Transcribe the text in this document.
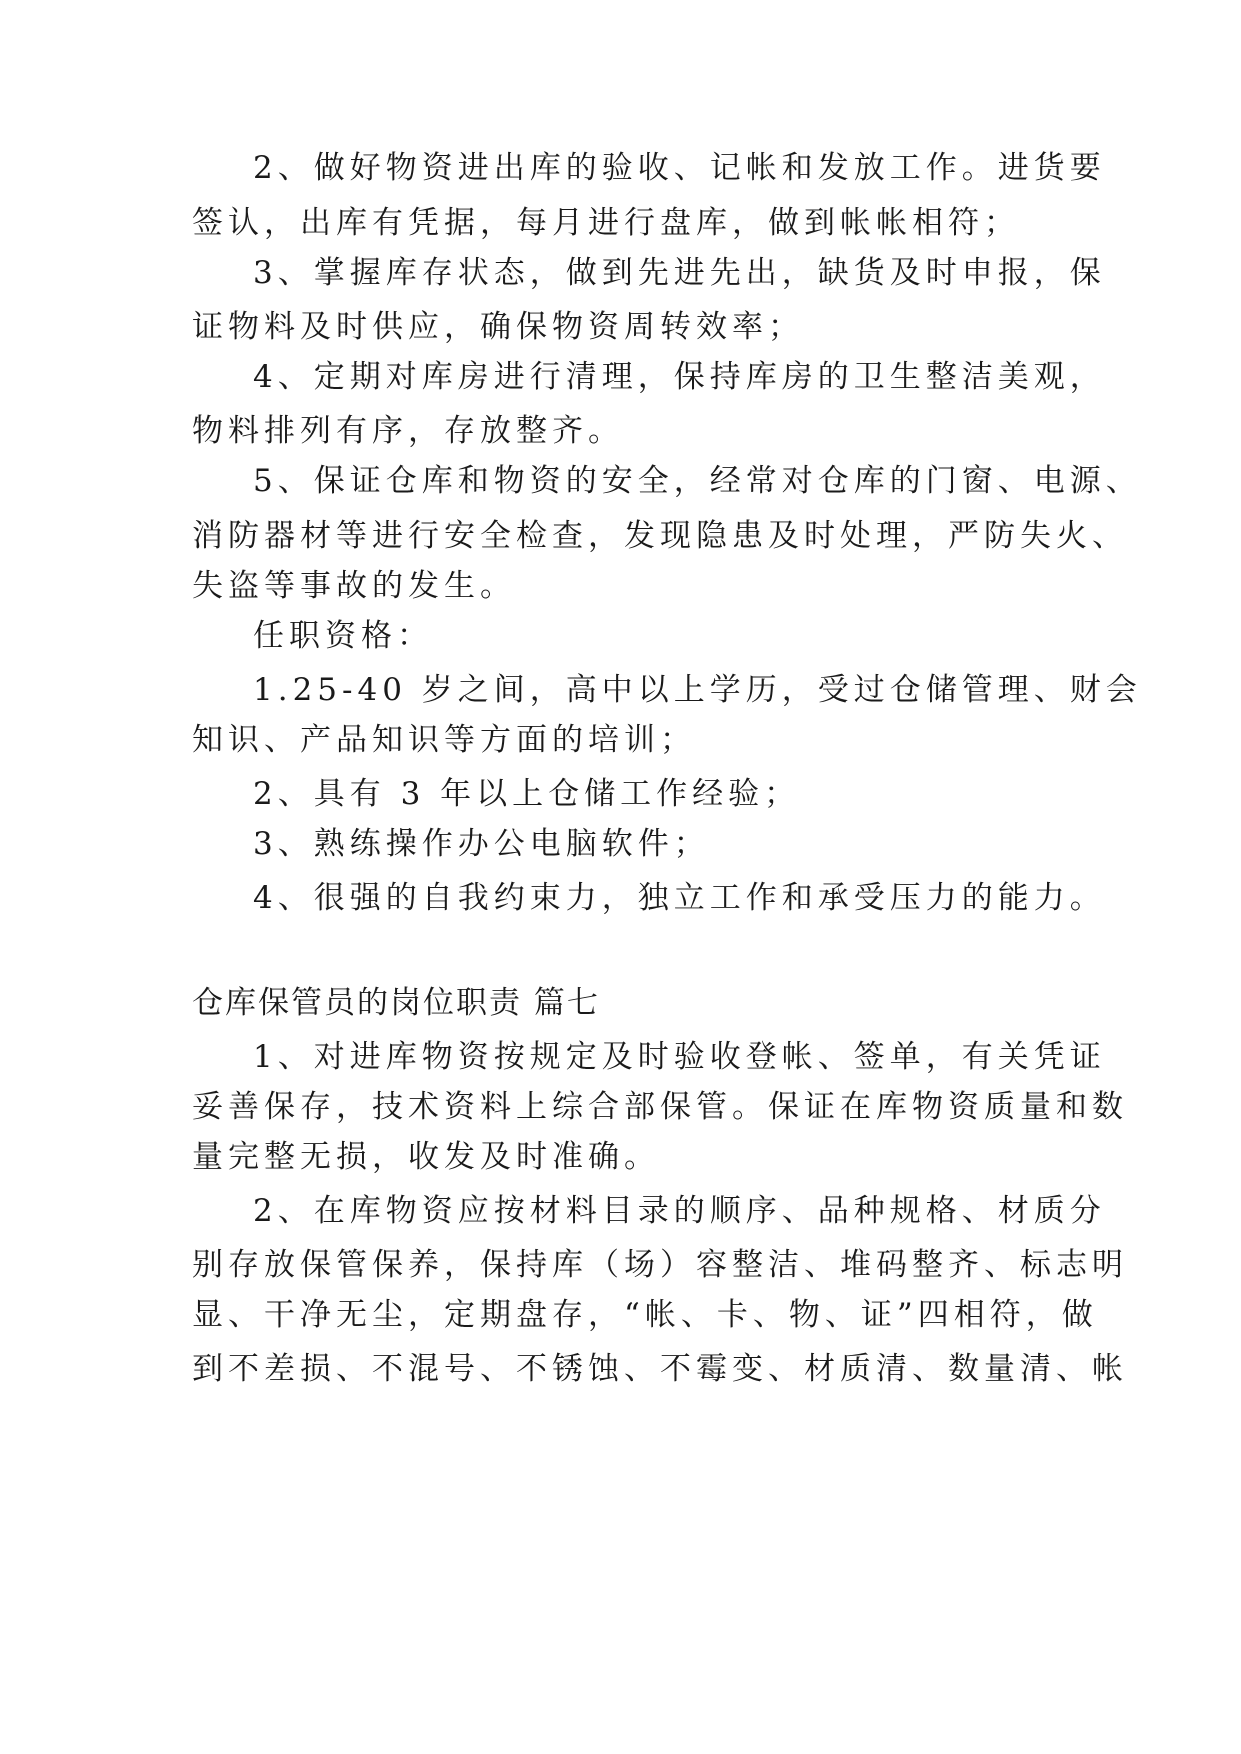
2、做好物资进出库的验收、记帐和发放工作。进货要
签认，出库有凭据，每月进行盘库，做到帐帐相符；
3、掌握库存状态，做到先进先出，缺货及时申报，保
证物料及时供应，确保物资周转效率；
4、定期对库房进行清理，保持库房的卫生整洁美观，
物料排列有序，存放整齐。
5、保证仓库和物资的安全，经常对仓库的门窗、电源、
消防器材等进行安全检查，发现隐患及时处理，严防失火、
失盗等事故的发生。
任职资格：
1.25-40 岁之间，高中以上学历，受过仓储管理、财会
知识、产品知识等方面的培训；
2、具有 3 年以上仓储工作经验；
3、熟练操作办公电脑软件；
4、很强的自我约束力，独立工作和承受压力的能力。
仓库保管员的岗位职责 篇七
1、对进库物资按规定及时验收登帐、签单，有关凭证
妥善保存，技术资料上综合部保管。保证在库物资质量和数
量完整无损，收发及时准确。
2、在库物资应按材料目录的顺序、品种规格、材质分
别存放保管保养，保持库（场）容整洁、堆码整齐、标志明
显、干净无尘，定期盘存，“帐、卡、物、证”四相符，做
到不差损、不混号、不锈蚀、不霉变、材质清、数量清、帐
